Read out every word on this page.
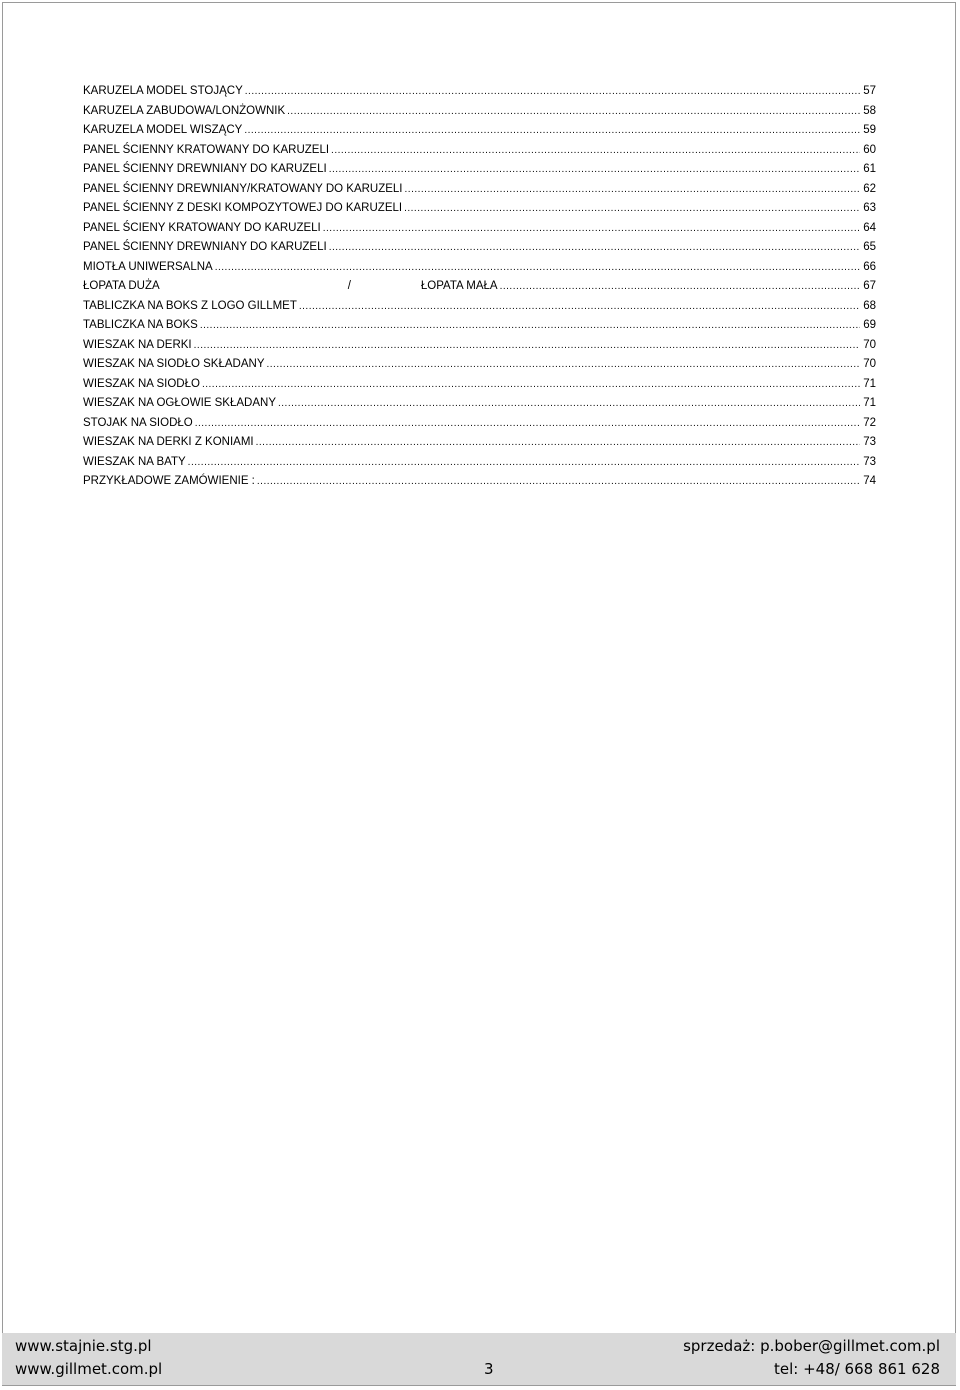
KARUZELA MODEL STOJĄCY .....	57
KARUZELA ZABUDOWA/LONŻOWNIK .....	58
KARUZELA MODEL WISZĄCY .....	59
PANEL ŚCIENNY KRATOWANY DO KARUZELI .....	60
PANEL ŚCIENNY DREWNIANY DO KARUZELI .....	61
PANEL ŚCIENNY DREWNIANY/KRATOWANY DO KARUZELI .....	62
PANEL ŚCIENNY Z DESKI KOMPOZYTOWEJ DO KARUZELI .....	63
PANEL ŚCIENY KRATOWANY DO KARUZELI .....	64
PANEL ŚCIENNY DREWNIANY DO KARUZELI .....	65
MIOTŁA UNIWERSALNA .....	66
ŁOPATA DUŻA	/	ŁOPATA MAŁA .....	67
TABLICZKA NA BOKS Z LOGO GILLMET .....	68
TABLICZKA NA BOKS .....	69
WIESZAK NA DERKI .....	70
WIESZAK NA SIODŁO SKŁADANY .....	70
WIESZAK NA SIODŁO .....	71
WIESZAK NA OGŁOWIE SKŁADANY .....	71
STOJAK NA SIODŁO .....	72
WIESZAK NA DERKI Z KONIAMI .....	73
WIESZAK NA BATY .....	73
PRZYKŁADOWE ZAMÓWIENIE : .....	74
www.stajnie.stg.pl
www.gillmet.com.pl	3
sprzedaż: p.bober@gillmet.com.pl
tel: +48/ 668 861 628
